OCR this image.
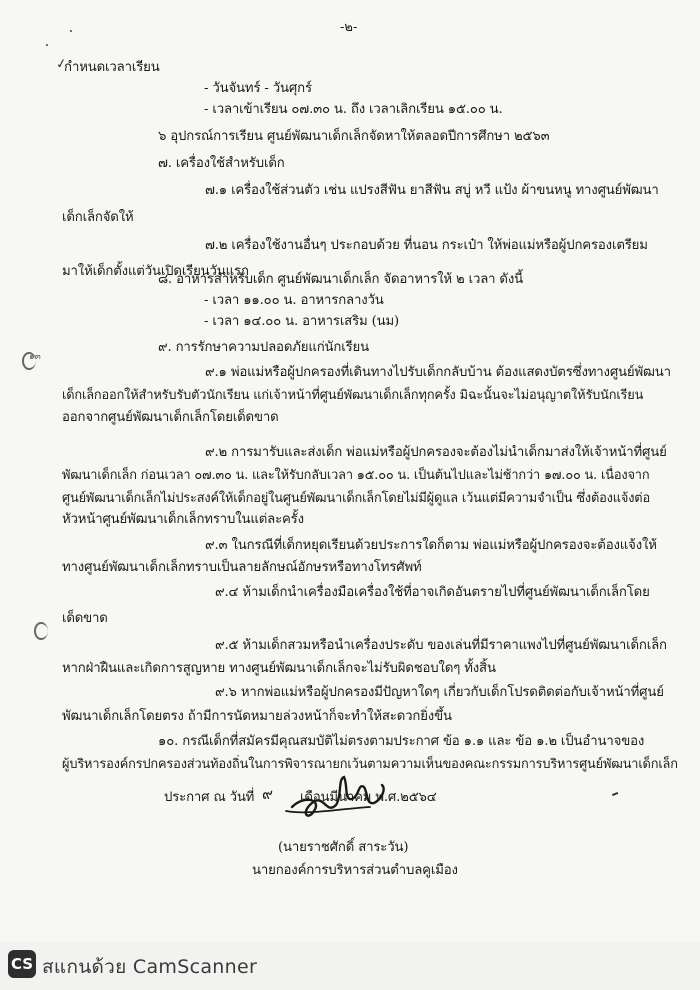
-๒-
✓
๑๓
กำหนดเวลาเรียน
- วันจันทร์ - วันศุกร์
- เวลาเข้าเรียน ๐๗.๓๐ น. ถึง เวลาเลิกเรียน ๑๕.๐๐ น.
๖ อุปกรณ์การเรียน ศูนย์พัฒนาเด็กเล็กจัดหาให้ตลอดปีการศึกษา ๒๕๖๓
๗. เครื่องใช้สำหรับเด็ก
๗.๑ เครื่องใช้ส่วนตัว เช่น แปรงสีฟัน ยาสีฟัน สบู่ หวี แป้ง ผ้าขนหนู ทางศูนย์พัฒนา
เด็กเล็กจัดให้
๗.๒ เครื่องใช้งานอื่นๆ ประกอบด้วย ที่นอน กระเป๋า ให้พ่อแม่หรือผู้ปกครองเตรียม
มาให้เด็กตั้งแต่วันเปิดเรียนวันแรก
๘. อาหารสำหรับเด็ก ศูนย์พัฒนาเด็กเล็ก จัดอาหารให้ ๒ เวลา ดังนี้
- เวลา ๑๑.๐๐ น. อาหารกลางวัน
- เวลา ๑๔.๐๐ น. อาหารเสริม (นม)
๙. การรักษาความปลอดภัยแก่นักเรียน
๙.๑ พ่อแม่หรือผู้ปกครองที่เดินทางไปรับเด็กกลับบ้าน ต้องแสดงบัตรซึ่งทางศูนย์พัฒนา
เด็กเล็กออกให้สำหรับรับตัวนักเรียน แก่เจ้าหน้าที่ศูนย์พัฒนาเด็กเล็กทุกครั้ง มิฉะนั้นจะไม่อนุญาตให้รับนักเรียน
ออกจากศูนย์พัฒนาเด็กเล็กโดยเด็ดขาด
๙.๒ การมารับและส่งเด็ก พ่อแม่หรือผู้ปกครองจะต้องไม่นำเด็กมาส่งให้เจ้าหน้าที่ศูนย์
พัฒนาเด็กเล็ก ก่อนเวลา ๐๗.๓๐ น. และให้รับกลับเวลา ๑๕.๐๐ น. เป็นต้นไปและไม่ช้ากว่า ๑๗.๐๐ น. เนื่องจาก
ศูนย์พัฒนาเด็กเล็กไม่ประสงค์ให้เด็กอยู่ในศูนย์พัฒนาเด็กเล็กโดยไม่มีผู้ดูแล เว้นแต่มีความจำเป็น ซึ่งต้องแจ้งต่อ
หัวหน้าศูนย์พัฒนาเด็กเล็กทราบในแต่ละครั้ง
๙.๓ ในกรณีที่เด็กหยุดเรียนด้วยประการใดก็ตาม พ่อแม่หรือผู้ปกครองจะต้องแจ้งให้
ทางศูนย์พัฒนาเด็กเล็กทราบเป็นลายลักษณ์อักษรหรือทางโทรศัพท์
๙.๔ ห้ามเด็กนำเครื่องมือเครื่องใช้ที่อาจเกิดอันตรายไปที่ศูนย์พัฒนาเด็กเล็กโดย
เด็ดขาด
๙.๕ ห้ามเด็กสวมหรือนำเครื่องประดับ ของเล่นที่มีราคาแพงไปที่ศูนย์พัฒนาเด็กเล็ก
หากฝ่าฝืนและเกิดการสูญหาย ทางศูนย์พัฒนาเด็กเล็กจะไม่รับผิดชอบใดๆ ทั้งสิ้น
๙.๖ หากพ่อแม่หรือผู้ปกครองมีปัญหาใดๆ เกี่ยวกับเด็กโปรดติดต่อกับเจ้าหน้าที่ศูนย์
พัฒนาเด็กเล็กโดยตรง ถ้ามีการนัดหมายล่วงหน้าก็จะทำให้สะดวกยิ่งขึ้น
๑๐. กรณีเด็กที่สมัครมีคุณสมบัติไม่ตรงตามประกาศ ข้อ ๑.๑ และ ข้อ ๑.๒ เป็นอำนาจของ
ผู้บริหารองค์กรปกครองส่วนท้องถิ่นในการพิจารณายกเว้นตามความเห็นของคณะกรรมการบริหารศูนย์พัฒนาเด็กเล็ก
ประกาศ ณ วันที่ ๙ เดือนมีนาคม พ.ศ.๒๕๖๔
(นายราชศักดิ์ สาระวัน)
นายกองค์การบริหารส่วนตำบลคูเมือง
CS สแกนด้วย CamScanner
